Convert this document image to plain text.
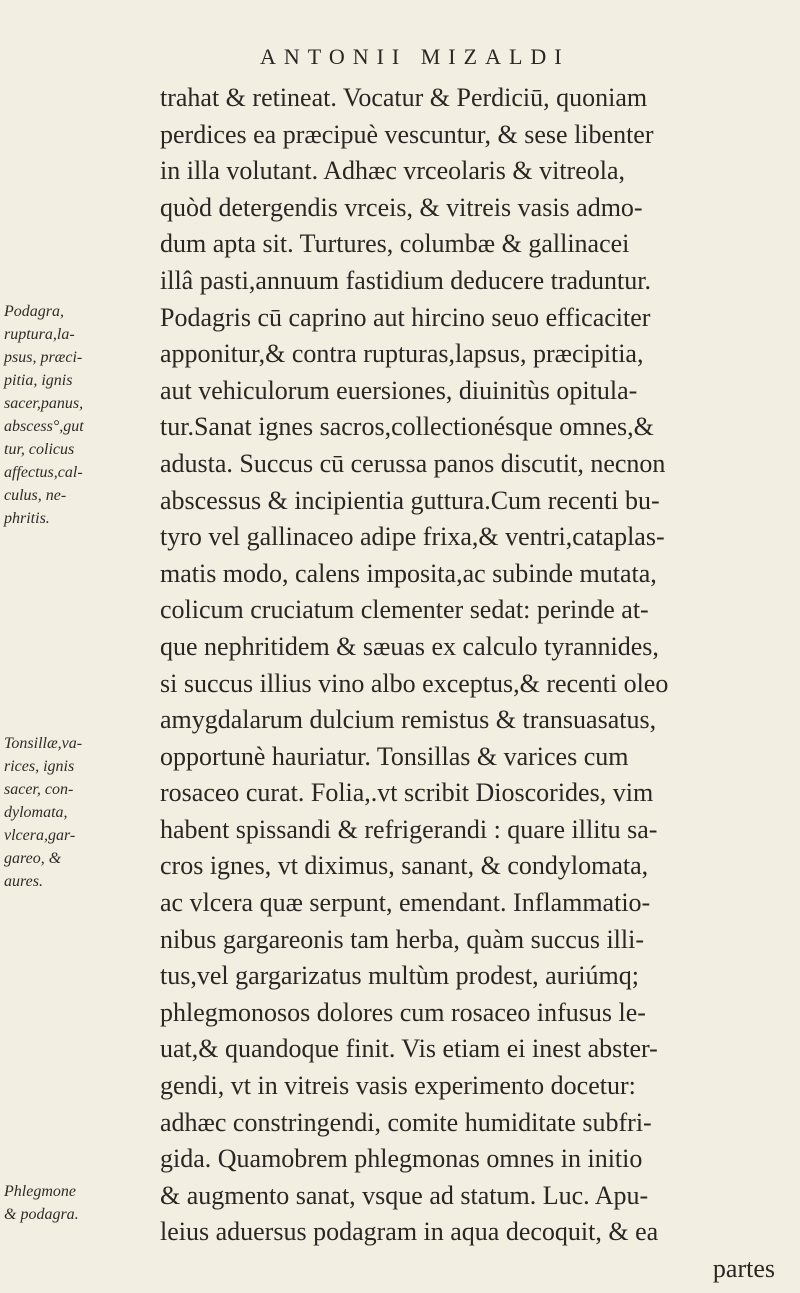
ANTONII MIZALDI
trahat & retineat. Vocatur & Perdiciū, quoniam
perdices ea præcipuè vescuntur, & sese libenter
in illa volutant. Adhæc vrceolaris & vitreola,
quòd detergendis vrceis, & vitreis vasis admo-
dum apta sit. Turtures, columbæ & gallinacei
illâ pasti,annuum fastidium deducere traduntur.
Podagris cū caprino aut hircino seuo efficaciter
apponitur,& contra rupturas,lapsus, præcipitia,
aut vehiculorum euersiones, diuinitùs opitula-
tur.Sanat ignes sacros,collectionésque omnes,&
adusta. Succus cū cerussa panos discutit, necnon
abscessus & incipientia guttura.Cum recenti bu-
tyro vel gallinaceo adipe frixa,& ventri,cataplas-
matis modo, calens imposita,ac subinde mutata,
colicum cruciatum clementer sedat: perinde at-
que nephritidem & sæuas ex calculo tyrannides,
si succus illius vino albo exceptus,& recenti oleo
amygdalarum dulcium remistus & transuasatus,
opportunè hauriatur. Tonsillas & varices cum
rosaceo curat. Folia,.vt scribit Dioscorides, vim
habent spissandi & refrigerandi : quare illitu sa-
cros ignes, vt diximus, sanant, & condylomata,
ac vlcera quæ serpunt, emendant. Inflammatio-
nibus gargareonis tam herba, quàm succus illi-
tus,vel gargarizatus multùm prodest, auriúmq;
phlegmonosos dolores cum rosaceo infusus le-
uat,& quandoque finit. Vis etiam ei inest abster-
gendi, vt in vitreis vasis experimento docetur:
adhæc constringendi, comite humiditate subfri-
gida. Quamobrem phlegmonas omnes in initio
& augmento sanat, vsque ad statum. Luc. Apu-
leius aduersus podagram in aqua decoquit, & ea
partes
Podagra,
ruptura,la-
psus, præci-
pitia, ignis
sacer,panus,
abscess°,gut
tur, colicus
affectus,cal-
culus, ne-
phritis.
Tonsillæ,va-
rices, ignis
sacer, con-
dylomata,
vlcera,gar-
gareo, &
aures.
Phlegmone
& podagra.
